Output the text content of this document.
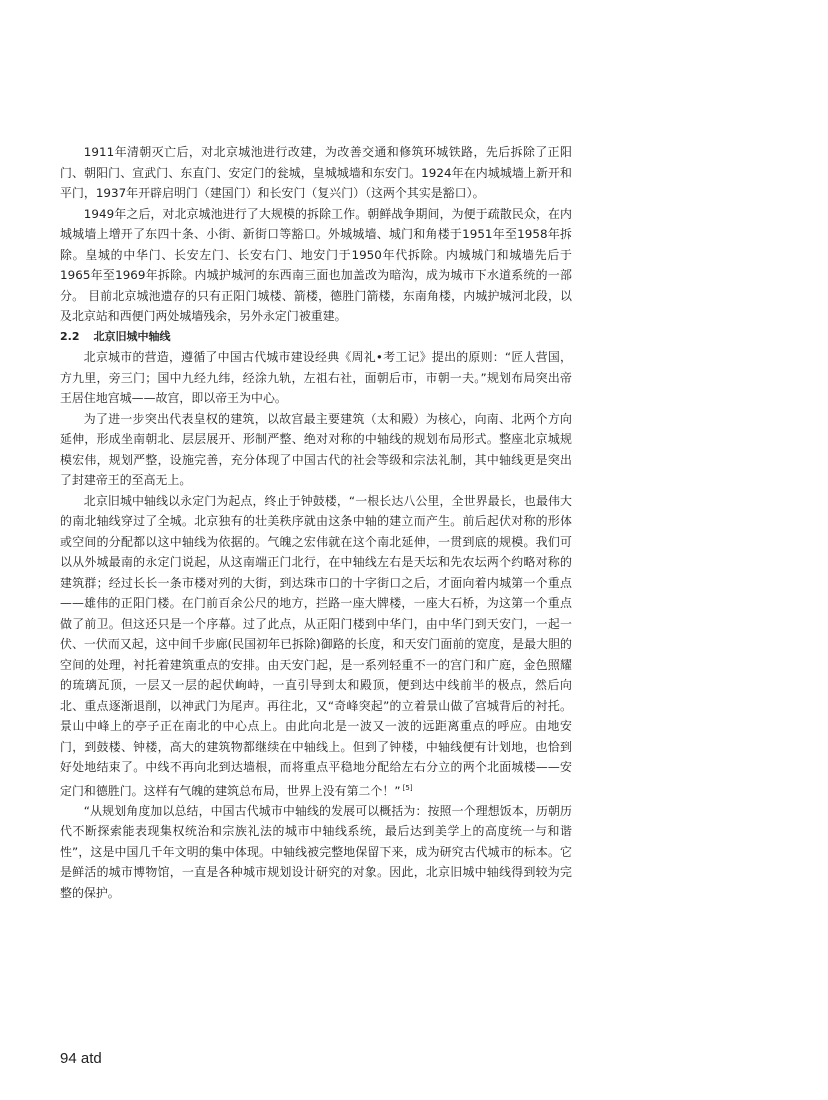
1911年清朝灭亡后，对北京城池进行改建，为改善交通和修筑环城铁路，先后拆除了正阳门、朝阳门、宣武门、东直门、安定门的瓮城，皇城城墙和东安门。1924年在内城城墙上新开和平门，1937年开辟启明门（建国门）和长安门（复兴门）（这两个其实是豁口）。

1949年之后，对北京城池进行了大规模的拆除工作。朝鲜战争期间，为便于疏散民众，在内城城墙上增开了东四十条、小街、新街口等豁口。外城城墙、城门和角楼于1951年至1958年拆除。皇城的中华门、长安左门、长安右门、地安门于1950年代拆除。内城城门和城墙先后于1965年至1969年拆除。内城护城河的东西南三面也加盖改为暗沟，成为城市下水道系统的一部分。 目前北京城池遗存的只有正阳门城楼、箭楼，德胜门箭楼，东南角楼，内城护城河北段，以及北京站和西便门两处城墙残余，另外永定门被重建。

2.2 北京旧城中轴线

北京城市的营造，遵循了中国古代城市建设经典《周礼•考工记》提出的原则：“匠人营国，方九里，旁三门；国中九经九纬，经涂九轨，左祖右社，面朝后市，市朝一夫。”规划布局突出帝王居住地宫城——故宫，即以帝王为中心。

为了进一步突出代表皇权的建筑，以故宫最主要建筑（太和殿）为核心，向南、北两个方向延伸，形成坐南朝北、层层展开、形制严整、绝对对称的中轴线的规划布局形式。整座北京城规模宏伟，规划严整，设施完善，充分体现了中国古代的社会等级和宗法礼制，其中轴线更是突出了封建帝王的至高无上。

北京旧城中轴线以永定门为起点，终止于钟鼓楼，“一根长达八公里，全世界最长，也最伟大的南北轴线穿过了全城。北京独有的壮美秩序就由这条中轴的建立而产生。前后起伏对称的形体或空间的分配都以这中轴线为依据的。气魄之宏伟就在这个南北延伸，一贯到底的规模。我们可以从外城最南的永定门说起，从这南端正门北行，在中轴线左右是天坛和先农坛两个约略对称的建筑群；经过长长一条市楼对列的大街，到达珠市口的十字街口之后，才面向着内城第一个重点——雄伟的正阳门楼。在门前百余公尺的地方，拦路一座大牌楼，一座大石桥，为这第一个重点做了前卫。但这还只是一个序幕。过了此点，从正阳门楼到中华门，由中华门到天安门，一起一伏、一伏而又起，这中间千步廊(民国初年已拆除)御路的长度，和天安门面前的宽度，是最大胆的空间的处理，衬托着建筑重点的安排。由天安门起，是一系列轻重不一的宫门和广庭，金色照耀的琉璃瓦顶，一层又一层的起伏峋峙，一直引导到太和殿顶，便到达中线前半的极点，然后向北、重点逐渐退削，以神武门为尾声。再往北，又“奇峰突起”的立着景山做了宫城背后的衬托。景山中峰上的亭子正在南北的中心点上。由此向北是一波又一波的远距离重点的呼应。由地安门，到鼓楼、钟楼，高大的建筑物都继续在中轴线上。但到了钟楼，中轴线便有计划地，也恰到好处地结束了。中线不再向北到达墙根，而将重点平稳地分配给左右分立的两个北面城楼——安定门和德胜门。这样有气魄的建筑总布局，世界上没有第二个！” [5]

“从规划角度加以总结，中国古代城市中轴线的发展可以概括为：按照一个理想饭本，历朝历代不断探索能表现集权统治和宗族礼法的城市中轴线系统，最后达到美学上的高度统一与和谐性”，这是中国几千年文明的集中体现。中轴线被完整地保留下来，成为研究古代城市的标本。它是鲜活的城市博物馆，一直是各种城市规划设计研究的对象。因此，北京旧城中轴线得到较为完整的保护。

94 atd
